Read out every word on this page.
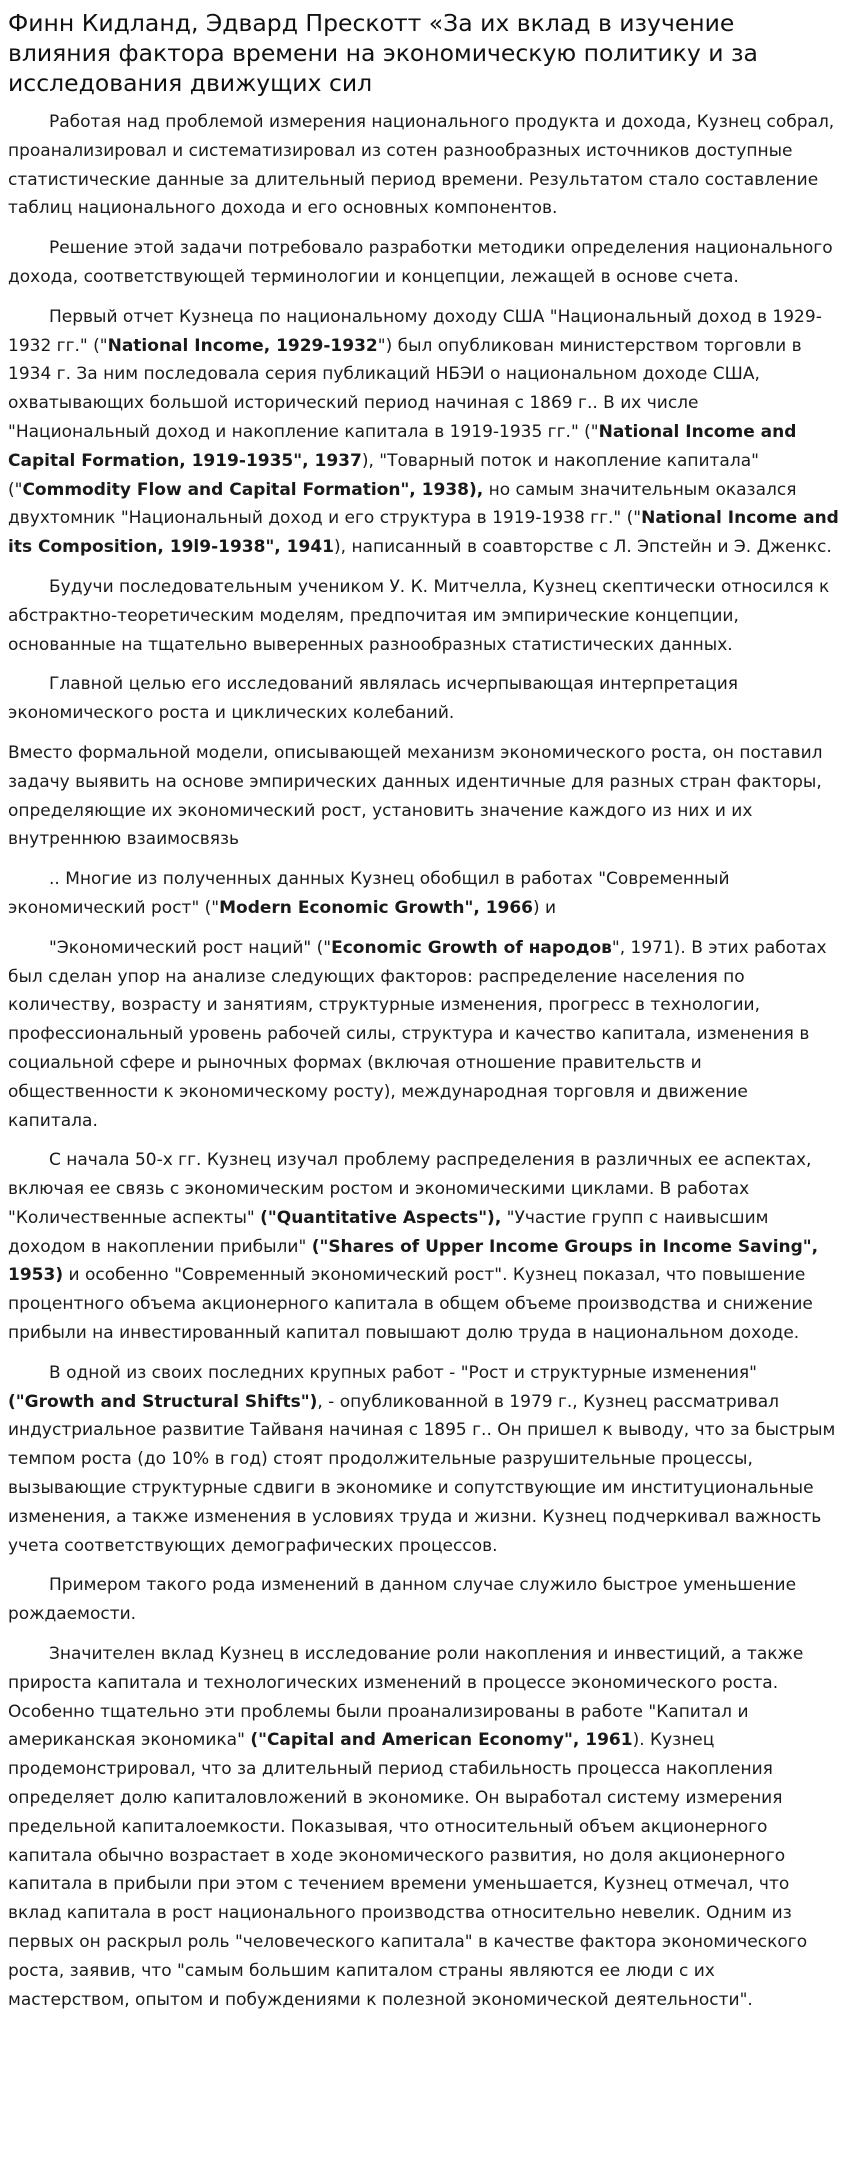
Финн Кидланд, Эдвард Прескотт «За их вклад в изучение влияния фактора времени на экономическую политику и за исследования движущих сил

Работая над проблемой измерения национального продукта и дохода, Кузнец собрал, проанализировал и систематизировал из сотен разнообразных источников доступные статистические данные за длительный период времени. Результатом стало составление таблиц национального дохода и его основных компонентов.

Решение этой задачи потребовало разработки методики определения национального дохода, соответствующей терминологии и концепции, лежащей в основе счета.

Первый отчет Кузнеца по национальному доходу США "Национальный доход в 1929-1932 гг." ("National Income, 1929-1932") был опубликован министерством торговли в 1934 г. За ним последовала серия публикаций НБЭИ о национальном доходе США, охватывающих большой исторический период начиная с 1869 г.. В их числе "Национальный доход и накопление капитала в 1919-1935 гг." ("National Income and Capital Formation, 1919-1935", 1937), "Товарный поток и накопление капитала" ("Commodity Flow and Capital Formation", 1938), но самым значительным оказался двухтомник "Национальный доход и его структура в 1919-1938 гг." ("National Income and its Composition, 19l9-1938", 1941), написанный в соавторстве с Л. Эпстейн и Э. Дженкс.

Будучи последовательным учеником У. К. Митчелла, Кузнец скептически относился к абстрактно-теоретическим моделям, предпочитая им эмпирические концепции, основанные на тщательно выверенных разнообразных статистических данных.

Главной целью его исследований являлась исчерпывающая интерпретация экономического роста и циклических колебаний.

Вместо формальной модели, описывающей механизм экономического роста, он поставил задачу выявить на основе эмпирических данных идентичные для разных стран факторы, определяющие их экономический рост, установить значение каждого из них и их внутреннюю взаимосвязь

.. Многие из полученных данных Кузнец обобщил в работах "Современный экономический рост" ("Modern Economic Growth", 1966) и

"Экономический рост наций" ("Economic Growth of народов", 1971). В этих работах был сделан упор на анализе следующих факторов: распределение населения по количеству, возрасту и занятиям, структурные изменения, прогресс в технологии, профессиональный уровень рабочей силы, структура и качество капитала, изменения в социальной сфере и рыночных формах (включая отношение правительств и общественности к экономическому росту), международная торговля и движение капитала.

С начала 50-х гг. Кузнец изучал проблему распределения в различных ее аспектах, включая ее связь с экономическим ростом и экономическими циклами. В работах "Количественные аспекты" ("Quantitative Aspects"), "Участие групп с наивысшим доходом в накоплении прибыли" ("Shares of Upper Income Groups in Income Saving", 1953) и особенно "Современный экономический рост". Кузнец показал, что повышение процентного объема акционерного капитала в общем объеме производства и снижение прибыли на инвестированный капитал повышают долю труда в национальном доходе.

В одной из своих последних крупных работ - "Рост и структурные изменения" ("Growth and Structural Shifts"), - опубликованной в 1979 г., Кузнец рассматривал индустриальное развитие Тайваня начиная с 1895 г.. Он пришел к выводу, что за быстрым темпом роста (до 10% в год) стоят продолжительные разрушительные процессы, вызывающие структурные сдвиги в экономике и сопутствующие им институциональные изменения, а также изменения в условиях труда и жизни. Кузнец подчеркивал важность учета соответствующих демографических процессов.

Примером такого рода изменений в данном случае служило быстрое уменьшение рождаемости.

Значителен вклад Кузнец в исследование роли накопления и инвестиций, а также прироста капитала и технологических изменений в процессе экономического роста. Особенно тщательно эти проблемы были проанализированы в работе "Капитал и американская экономика" ("Capital and American Economy", 1961). Кузнец продемонстрировал, что за длительный период стабильность процесса накопления определяет долю капиталовложений в экономике. Он выработал систему измерения предельной капиталоемкости. Показывая, что относительный объем акционерного капитала обычно возрастает в ходе экономического развития, но доля акционерного капитала в прибыли при этом с течением времени уменьшается, Кузнец отмечал, что вклад капитала в рост национального производства относительно невелик. Одним из первых он раскрыл роль "человеческого капитала" в качестве фактора экономического роста, заявив, что "самым большим капиталом страны являются ее люди с их мастерством, опытом и побуждениями к полезной экономической деятельности".
